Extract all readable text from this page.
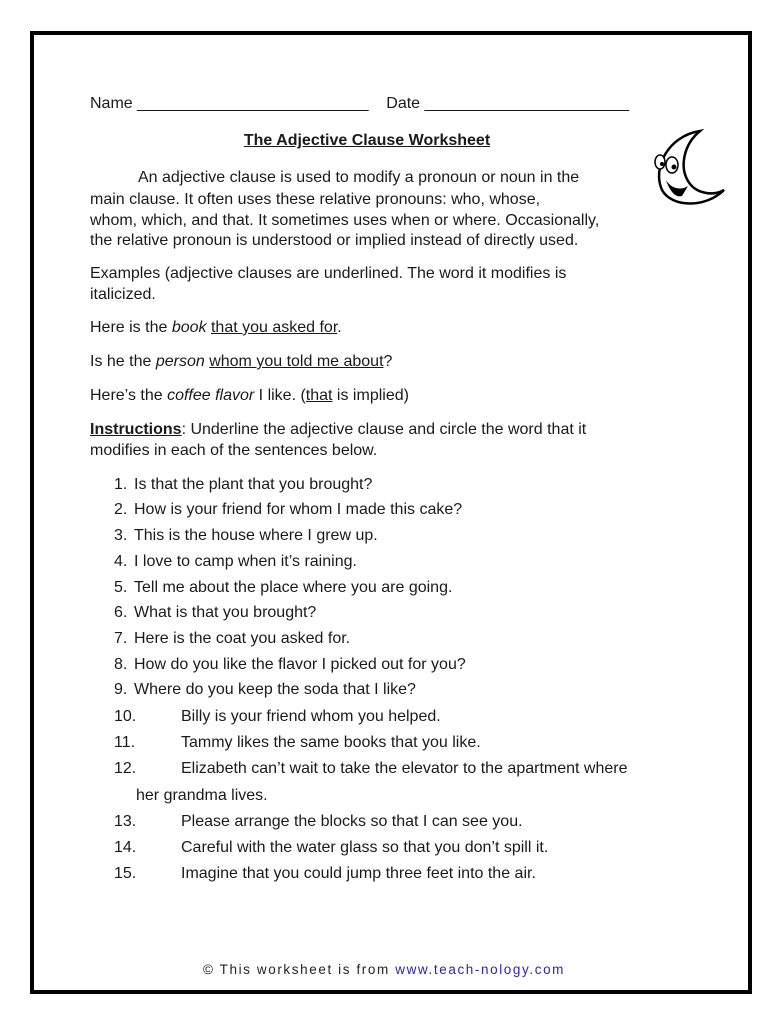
Name __________________________ Date _______________________
The Adjective Clause Worksheet
An adjective clause is used to modify a pronoun or noun in the
main clause. It often uses these relative pronouns: who, whose,
whom, which, and that. It sometimes uses when or where. Occasionally,
the relative pronoun is understood or implied instead of directly used.
Examples (adjective clauses are underlined. The word it modifies is
italicized.
Here is the book that you asked for.
Is he the person whom you told me about?
Here’s the coffee flavor I like. (that is implied)
Instructions: Underline the adjective clause and circle the word that it
modifies in each of the sentences below.
1. Is that the plant that you brought?
2. How is your friend for whom I made this cake?
3. This is the house where I grew up.
4. I love to camp when it’s raining.
5. Tell me about the place where you are going.
6. What is that you brought?
7. Here is the coat you asked for.
8. How do you like the flavor I picked out for you?
9. Where do you keep the soda that I like?
10.	Billy is your friend whom you helped.
11.	Tammy likes the same books that you like.
12.	Elizabeth can’t wait to take the elevator to the apartment where
her grandma lives.
13.	Please arrange the blocks so that I can see you.
14.	Careful with the water glass so that you don’t spill it.
15.	Imagine that you could jump three feet into the air.
© This worksheet is from www.teach-nology.com
